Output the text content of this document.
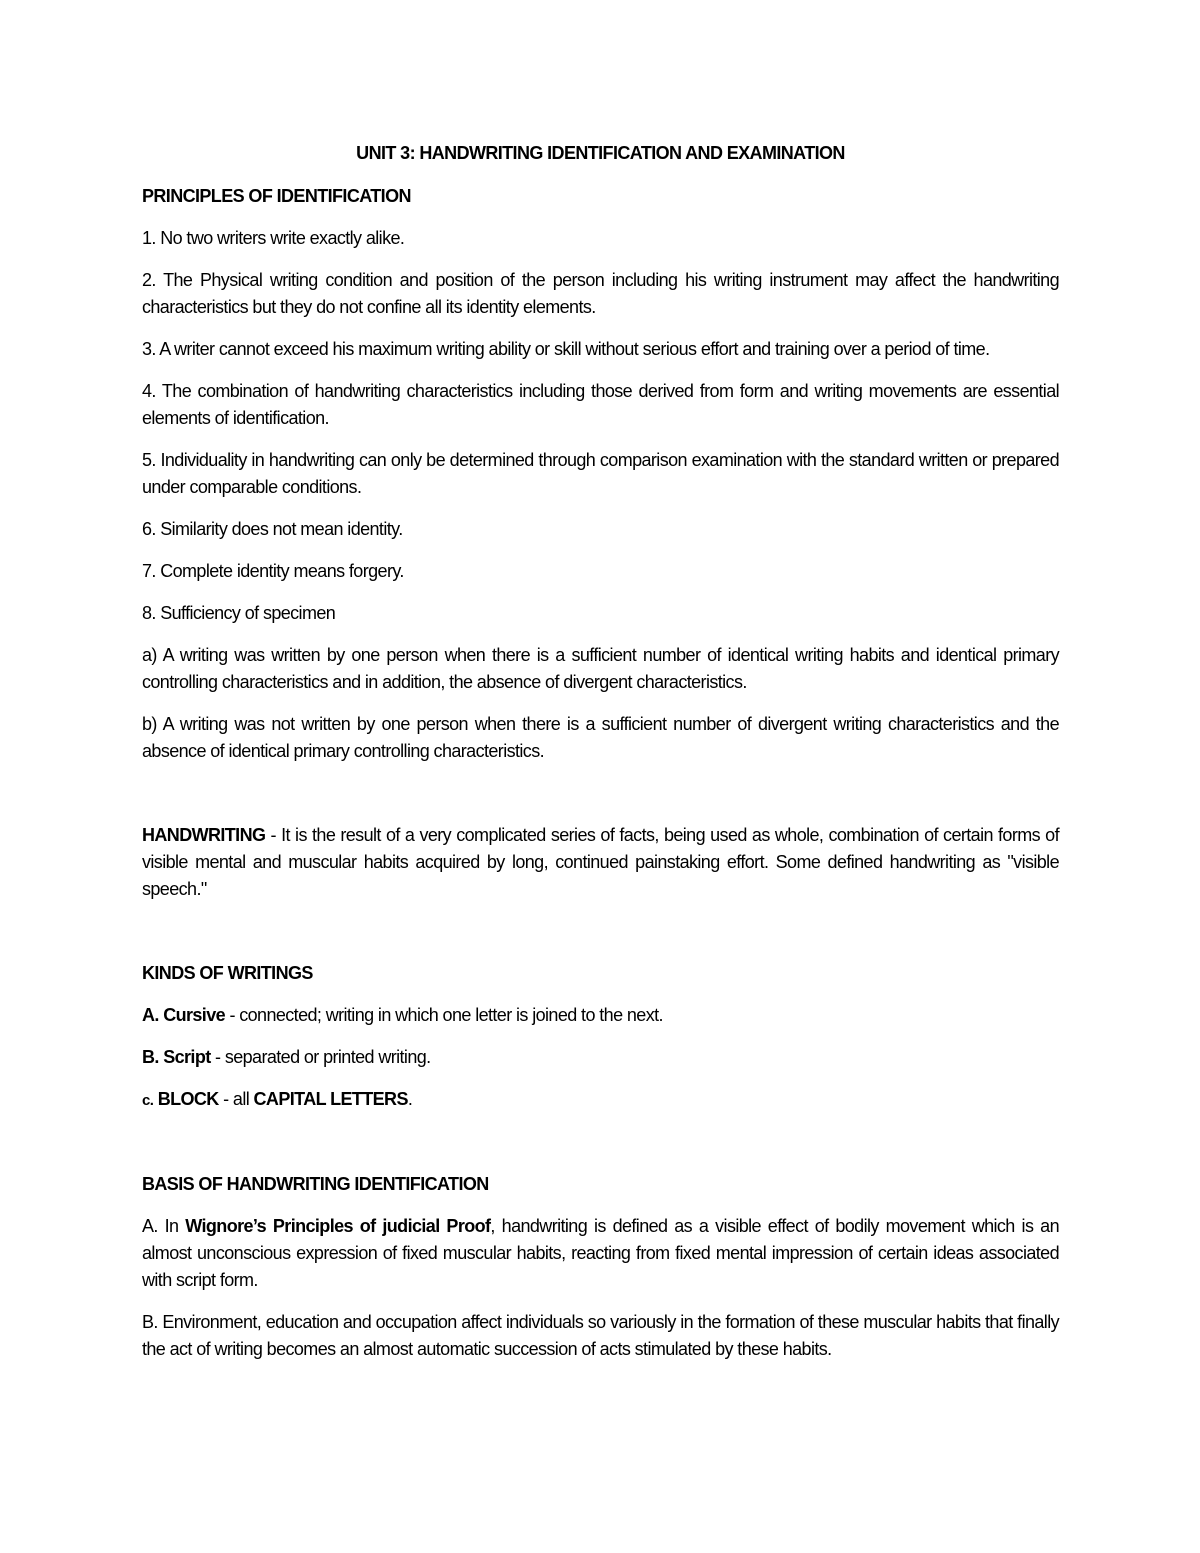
UNIT 3: HANDWRITING IDENTIFICATION AND EXAMINATION
PRINCIPLES OF IDENTIFICATION

1. No two writers write exactly alike.

2. The Physical writing condition and position of the person including his writing instrument may affect the handwriting characteristics but they do not confine all its identity elements.

3. A writer cannot exceed his maximum writing ability or skill without serious effort and training over a period of time.

4. The combination of handwriting characteristics including those derived from form and writing movements are essential elements of identification.

5. Individuality in handwriting can only be determined through comparison examination with the standard written or prepared under comparable conditions.

6. Similarity does not mean identity.

7. Complete identity means forgery.

8. Sufficiency of specimen

a) A writing was written by one person when there is a sufficient number of identical writing habits and identical primary controlling characteristics and in addition, the absence of divergent characteristics.

b) A writing was not written by one person when there is a sufficient number of divergent writing characteristics and the absence of identical primary controlling characteristics.

HANDWRITING - It is the result of a very complicated series of facts, being used as whole, combination of certain forms of visible mental and muscular habits acquired by long, continued painstaking effort. Some defined handwriting as "visible speech."

KINDS OF WRITINGS

A. Cursive - connected; writing in which one letter is joined to the next.

B. Script - separated or printed writing.

c. BLOCK - all CAPITAL LETTERS.

BASIS OF HANDWRITING IDENTIFICATION

A. In Wignore’s Principles of judicial Proof, handwriting is defined as a visible effect of bodily movement which is an almost unconscious expression of fixed muscular habits, reacting from fixed mental impression of certain ideas associated with script form.

B. Environment, education and occupation affect individuals so variously in the formation of these muscular habits that finally the act of writing becomes an almost automatic succession of acts stimulated by these habits.
